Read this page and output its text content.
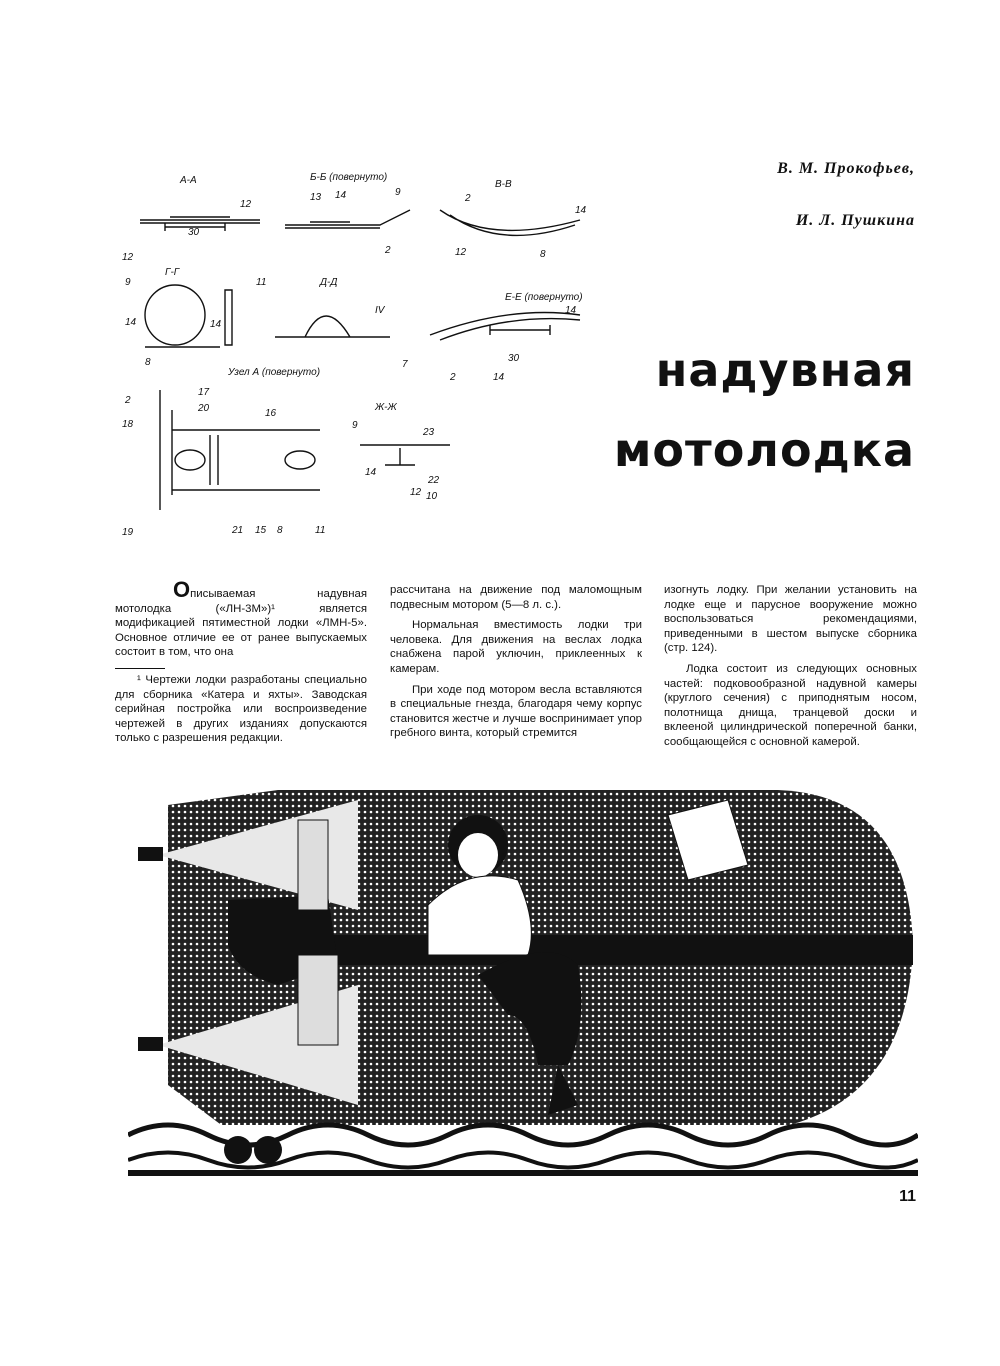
А-А	Б-Б (повернуто)
В-В
Г-Г
Д-Д
Е-Е (повернуто)
Узел А (повернуто)
Ж-Ж
30
30
12
12	12
12
14
14
14	14
14
14
14
9
9
9
2
2
2
2
8
8
8
11
11
IV
7
17
20
18
16
19	21 15
23
22
10
13
В. М. Прокофьев,
И. Л. Пушкина
надувная
мотолодка

Описываемая надувная мотолодка («ЛН-3М»)¹ является модификацией пятиместной лодки «ЛМН-5». Основное отличие ее от ранее выпускаемых состоит в том, что она

¹ Чертежи лодки разработаны специально для сборника «Катера и яхты». Заводская серийная постройка или воспроизведение чертежей в других изданиях допускаются только с разрешения редакции.

рассчитана на движение под маломощным подвесным мотором (5—8 л. с.).

Нормальная вместимость лодки три человека. Для движения на веслах лодка снабжена парой уключин, приклеенных к камерам.

При ходе под мотором весла вставляются в специальные гнезда, благодаря чему корпус становится жестче и лучше воспринимает упор гребного винта, который стремится

изогнуть лодку. При желании установить на лодке еще и парусное вооружение можно воспользоваться рекомендациями, приведенными в шестом выпуске сборника (стр. 124).

Лодка состоит из следующих основных частей: подковообразной надувной камеры (круглого сечения) с приподнятым носом, полотнища днища, транцевой доски и вклееной цилиндрической поперечной банки, сообщающейся с основной камерой.

11
